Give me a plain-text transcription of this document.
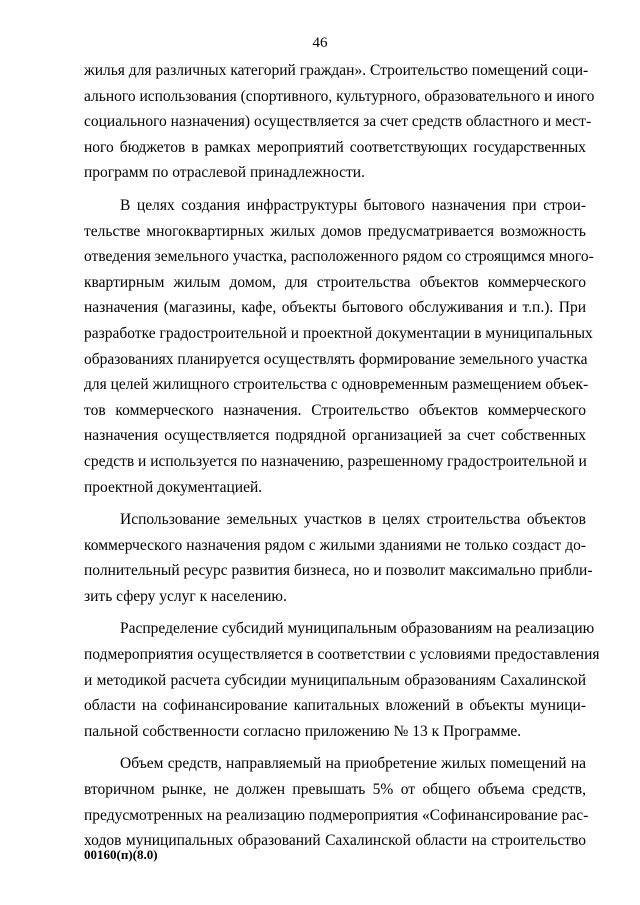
46

жилья для различных категорий граждан». Строительство помещений соци-
ального использования (спортивного, культурного, образовательного и иного
социального назначения) осуществляется за счет средств областного и мест-
ного бюджетов в рамках мероприятий соответствующих государственных
программ по отраслевой принадлежности.

В целях создания инфраструктуры бытового назначения при строи-
тельстве многоквартирных жилых домов предусматривается возможность
отведения земельного участка, расположенного рядом со строящимся много-
квартирным жилым домом, для строительства объектов коммерческого
назначения (магазины, кафе, объекты бытового обслуживания и т.п.). При
разработке градостроительной и проектной документации в муниципальных
образованиях планируется осуществлять формирование земельного участка
для целей жилищного строительства с одновременным размещением объек-
тов коммерческого назначения. Строительство объектов коммерческого
назначения осуществляется подрядной организацией за счет собственных
средств и используется по назначению, разрешенному градостроительной и
проектной документацией.

Использование земельных участков в целях строительства объектов
коммерческого назначения рядом с жилыми зданиями не только создаст до-
полнительный ресурс развития бизнеса, но и позволит максимально прибли-
зить сферу услуг к населению.

Распределение субсидий муниципальным образованиям на реализацию
подмероприятия осуществляется в соответствии с условиями предоставления
и методикой расчета субсидии муниципальным образованиям Сахалинской
области на софинансирование капитальных вложений в объекты муници-
пальной собственности согласно приложению № 13 к Программе.

Объем средств, направляемый на приобретение жилых помещений на
вторичном рынке, не должен превышать 5% от общего объема средств,
предусмотренных на реализацию подмероприятия «Софинансирование рас-
ходов муниципальных образований Сахалинской области на строительство

00160(п)(8.0)
